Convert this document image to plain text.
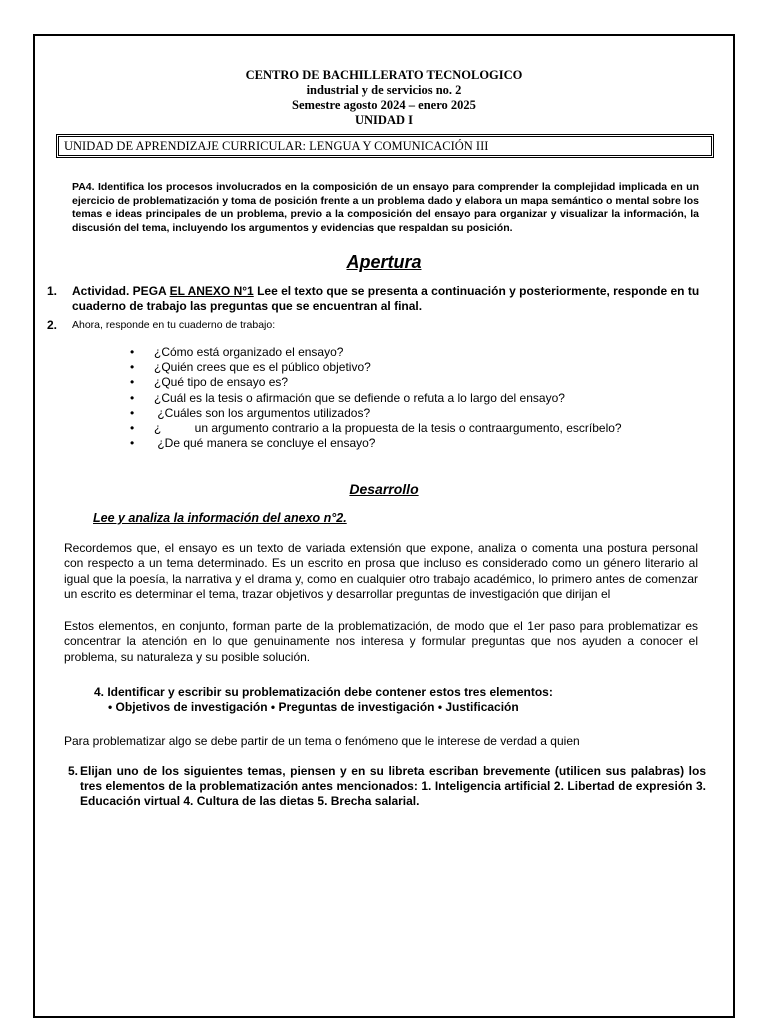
CENTRO DE BACHILLERATO TECNOLOGICO
industrial y de servicios no. 2
Semestre agosto 2024 – enero 2025
UNIDAD I
UNIDAD DE APRENDIZAJE CURRICULAR: LENGUA Y COMUNICACIÓN III
PA4. Identifica los procesos involucrados en la composición de un ensayo para comprender la complejidad implicada en un ejercicio de problematización y toma de posición frente a un problema dado y elabora un mapa semántico o mental sobre los temas e ideas principales de un problema, previo a la composición del ensayo para organizar y visualizar la información, la discusión del tema, incluyendo los argumentos y evidencias que respaldan su posición.
Apertura
1. Actividad. PEGA EL ANEXO N°1 Lee el texto que se presenta a continuación y posteriormente, responde en tu cuaderno de trabajo las preguntas que se encuentran al final.
2. Ahora, responde en tu cuaderno de trabajo:
• ¿Cómo está organizado el ensayo?
• ¿Quién crees que es el público objetivo?
• ¿Qué tipo de ensayo es?
• ¿Cuál es la tesis o afirmación que se defiende o refuta a lo largo del ensayo?
•  ¿Cuáles son los argumentos utilizados?
• ¿          un argumento contrario a la propuesta de la tesis o contraargumento, escríbelo?
•  ¿De qué manera se concluye el ensayo?
Desarrollo
Lee y analiza la información del anexo n°2.
Recordemos que, el ensayo es un texto de variada extensión que expone, analiza o comenta una postura personal con respecto a un tema determinado. Es un escrito en prosa que incluso es considerado como un género literario al igual que la poesía, la narrativa y el drama y, como en cualquier otro trabajo académico, lo primero antes de comenzar un escrito es determinar el tema, trazar objetivos y desarrollar preguntas de investigación que dirijan el
Estos elementos, en conjunto, forman parte de la problematización, de modo que el 1er paso para problematizar es concentrar la atención en lo que genuinamente nos interesa y formular preguntas que nos ayuden a conocer el problema, su naturaleza y su posible solución.
4. Identificar y escribir su problematización debe contener estos tres elementos:
• Objetivos de investigación • Preguntas de investigación • Justificación
Para problematizar algo se debe partir de un tema o fenómeno que le interese de verdad a quien
5. Elijan uno de los siguientes temas, piensen y en su libreta escriban brevemente (utilicen sus palabras) los tres elementos de la problematización antes mencionados: 1. Inteligencia artificial 2. Libertad de expresión 3. Educación virtual 4. Cultura de las dietas 5. Brecha salarial.
